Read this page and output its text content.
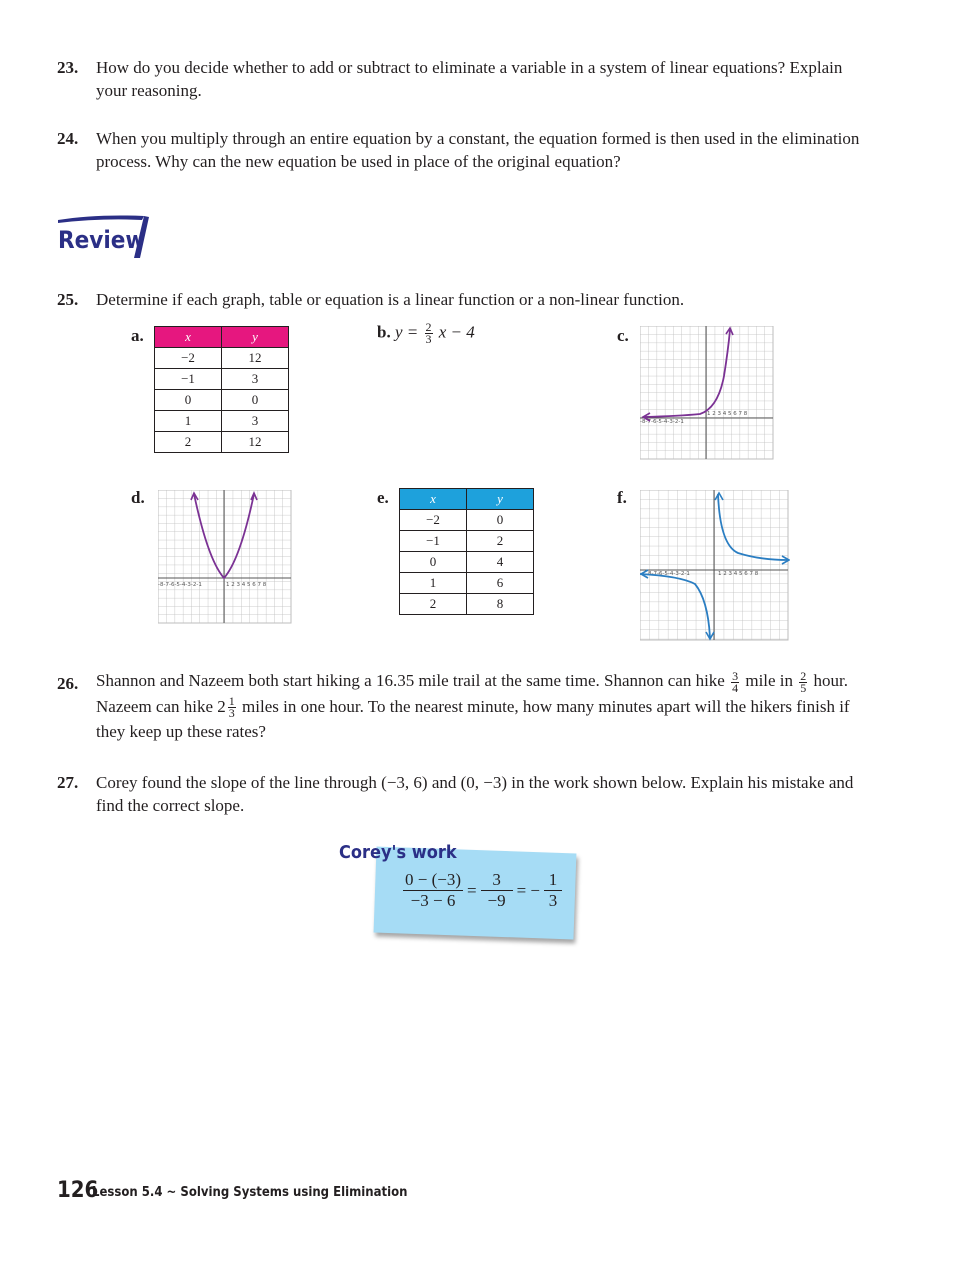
23. How do you decide whether to add or subtract to eliminate a variable in a system of linear equations? Explain your reasoning.
24. When you multiply through an entire equation by a constant, the equation formed is then used in the elimination process. Why can the new equation be used in place of the original equation?
Review
25. Determine if each graph, table or equation is a linear function or a non-linear function.
a.	x	y
−2	12
−1	3
0	0
1	3
2	12
b. $y = \frac{2}{3}$ x − 4	c.
1 2 3 4 5 6 7 8
-8-7-6-5-4-3-2-1
d.
1 2 3 4 5 6 7 8
-8-7-6-5-4-3-2-1
e.	x	y
−2	0
−1	2
0	4
1	6
2	8
f.
-8-7-6-5-4-3-2-1	1 2 3 4 5 6 7 8
26. Shannon and Nazeem both start hiking a 16.35 mile trail at the same time. Shannon can hike $\frac{3}{4}$ mile in $\frac{2}{5}$ hour. Nazeem can hike $2 \frac{1}{3}$ miles in one hour. To the nearest minute, how many minutes apart will the hikers finish if they keep up these rates?
27. Corey found the slope of the line through (−3, 6) and (0, −3) in the work shown below. Explain his mistake and find the correct slope.
Corey's work
$\frac{0 - (-3)}{-3 - 6} = \frac{3}{-9}$ = − $\frac{1}{3}$
126
Lesson 5.4 ~ Solving Systems using Elimination
